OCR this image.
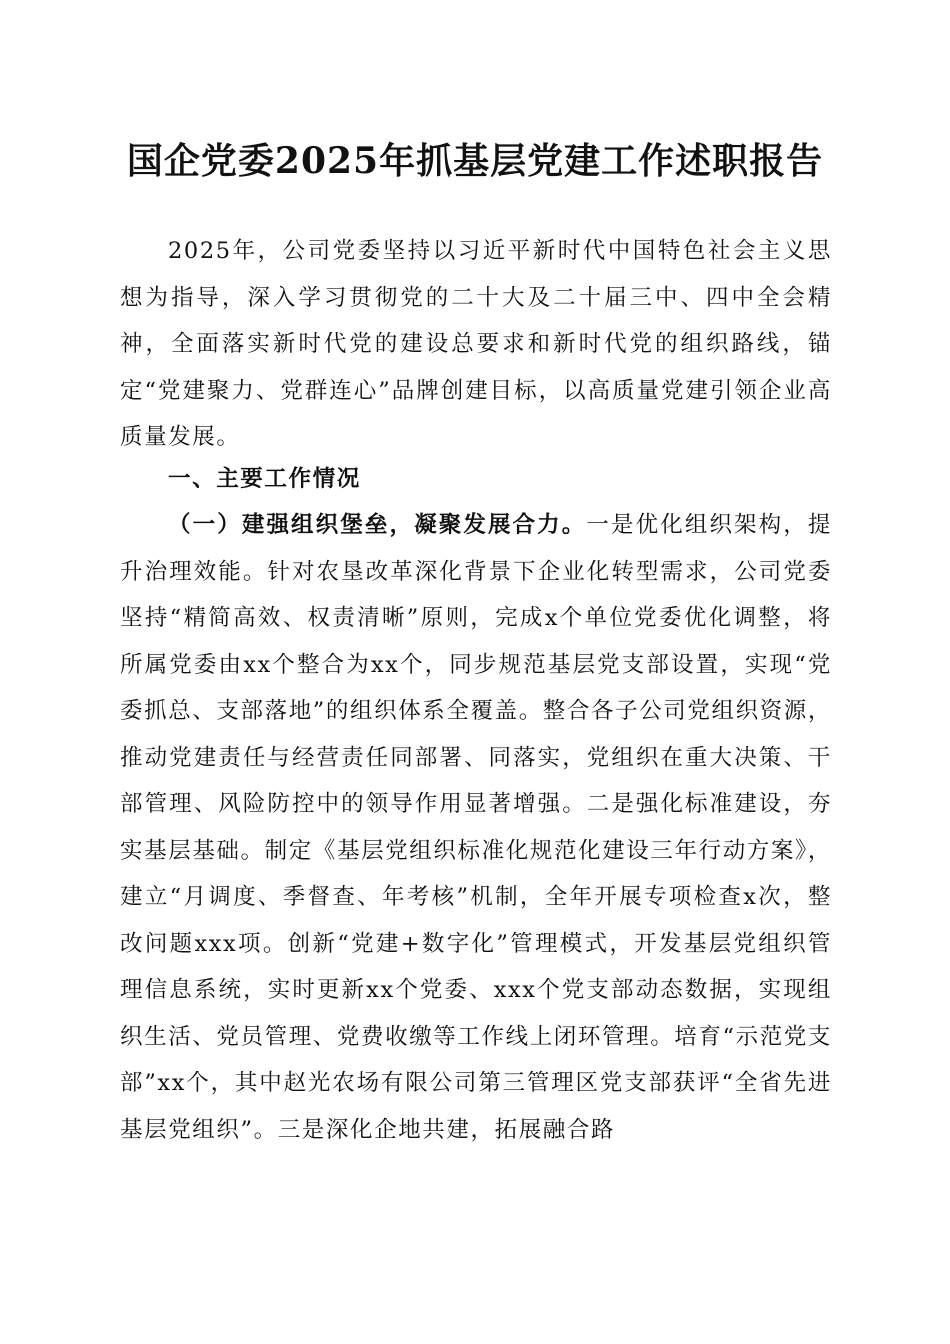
国企党委2025年抓基层党建工作述职报告

2025年，公司党委坚持以习近平新时代中国特色社会主义思想为指导，深入学习贯彻党的二十大及二十届三中、四中全会精神，全面落实新时代党的建设总要求和新时代党的组织路线，锚定“党建聚力、党群连心”品牌创建目标，以高质量党建引领企业高质量发展。

一、主要工作情况

（一）建强组织堡垒，凝聚发展合力。一是优化组织架构，提升治理效能。针对农垦改革深化背景下企业化转型需求，公司党委坚持“精简高效、权责清晰”原则，完成x个单位党委优化调整，将所属党委由xx个整合为xx个，同步规范基层党支部设置，实现“党委抓总、支部落地”的组织体系全覆盖。整合各子公司党组织资源，推动党建责任与经营责任同部署、同落实，党组织在重大决策、干部管理、风险防控中的领导作用显著增强。二是强化标准建设，夯实基层基础。制定《基层党组织标准化规范化建设三年行动方案》，建立“月调度、季督查、年考核”机制，全年开展专项检查x次，整改问题xxx项。创新“党建+数字化”管理模式，开发基层党组织管理信息系统，实时更新xx个党委、xxx个党支部动态数据，实现组织生活、党员管理、党费收缴等工作线上闭环管理。培育“示范党支部”xx个，其中赵光农场有限公司第三管理区党支部获评“全省先进基层党组织”。三是深化企地共建，拓展融合路
